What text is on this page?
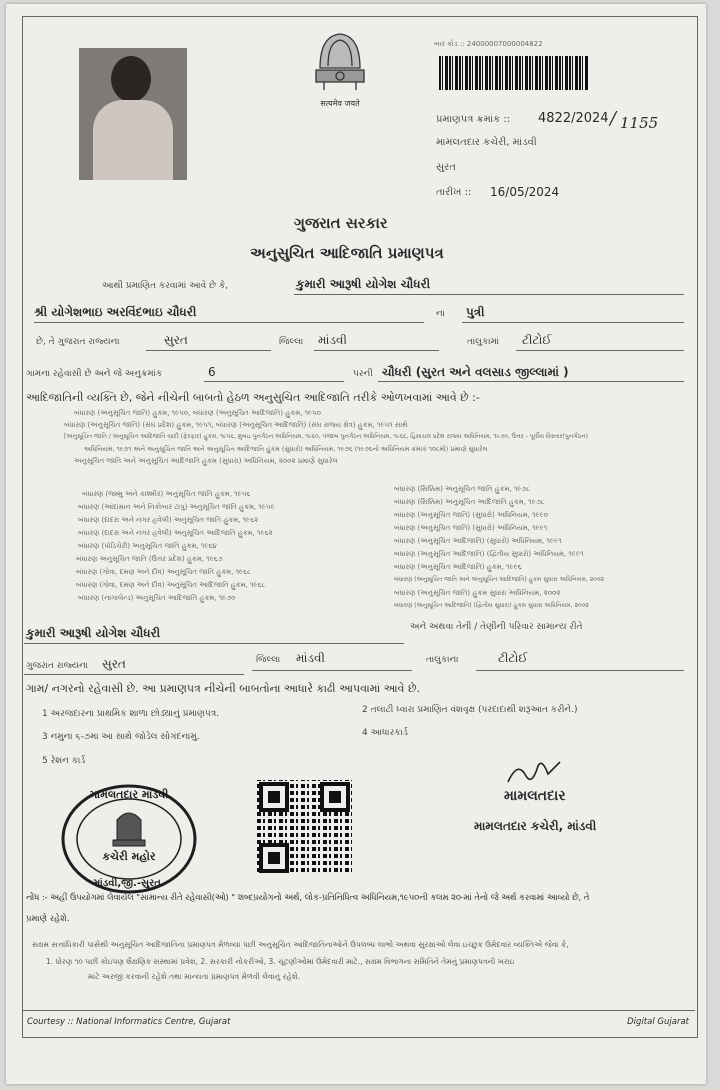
सत्यमेव जयते
બાર કોડ :: 24000007000004822
પ્રમાણપત્ર ક્રમાંક :: 4822/2024 / 1155
મામલતદાર કચેરી, માંડવી
સુરત
તારીખ :: 16/05/2024
ગુજરાત સરકાર
અનુસુચિત આદિજાતિ પ્રમાણપત્ર
આથી પ્રમાણિત કરવામાં આવે છે કે,	કુમારી આરૂષી યોગેશ ચૌધરી
શ્રી યોગેશભાઇ અરવિંદભાઇ ચૌધરી	ના પુત્રી
છે, તે ગુજરાત રાજ્યના	સુરત	જિલ્લા માંડવી	તાલુકામાં ટીટોઈ
ગામના રહેવાસી છે અને જે અનુક્રમાંક	6	પરની ચૌધરી (સુરત અને વલસાડ જીલ્લામાં )
આદિજાતિની વ્યક્તિ છે, જેને નીચેની બાબતો હેઠળ અનુસુચિત આદિજાતિ તરીકે ઓળખવામાં આવે છે :-
બંધારણ (અનુસૂચિત જાતિ) હુકમ, ૧૯૫૦, બંધારણ (અનુસૂચિત આદિજાતિ) હુકમ, ૧૯૫૦
બંધારણ (અનુસૂચિત જાતિ) (સંઘ પ્રદેશ) હુકમ, ૧૯૫૧, બંધારણ (અનુસૂચિત આદિજાતિ) (સંઘ રાજ્ય ક્ષેત્ર) હુકમ, ૧૯૫૧ સાથે
[અનુસૂચિત જાતિ / અનુસૂચિત આદિજાતિ યાદી (ફેરફાર) હુકમ, ૧૯૫૬, મુંબઇ પુનર્ગઠન અધિનિયમ, ૧૯૬૦, પંજાબ પુનર્ગઠન અધિનિયમ, ૧૯૬૬, હિમાચલ પ્રદેશ રાજ્ય અધિનિયમ, ૧૯૭૦, ઉત્તર - પૂર્વીય વિસ્તાર(પુનર્ગઠન)
અધિનિયમ, ૧૯૭૧ અને અનુસૂચિત જાતિ અને અનુસૂચિત આદિજાતિ હુકમ (સુધારો) અધિનિયમ, ૧૯૭૬ (૧૯૭૬નો અધિનિયમ ક્રમાંક ૧૦૮મો) પ્રમાણે સુધારેલ
અનુસૂચિત જાતિ અને અનુસૂચિત આદિજાતિ હુકમ (સુધારા) અધિનિયમ, ૨૦૦૨ પ્રમાણે સુધારેલ
બંધારણ (જમ્મુ અને કાશ્મીર) અનુસૂચિત જાતિ હુકમ, ૧૯૫૬
બંધારણ (આંદામાન અને નિકોબાર ટાપુ) અનુસૂચિત જાતિ હુકમ, ૧૯૫૯
બંધારણ (દાદરા અને નગર હવેલી) અનુસૂચિત જાતિ હુકમ, ૧૯૬૨
બંધારણ (દાદરા અને નગર હવેલી) અનુસૂચિત આદિજાતિ હુકમ, ૧૯૬૨
બંધારણ (પૉંડિચેરી) અનુસૂચિત જાતિ હુકમ, ૧૯૬૪
બંધારણ અનુસૂચિત જાતિ (ઉત્તર પ્રદેશ) હુકમ, ૧૯૬૭
બંધારણ (ગોવા, દમણ અને દીવ) અનુસૂચિત જાતિ હુકમ, ૧૯૬૮
બંધારણ (ગોવા, દમણ અને દીવ) અનુસૂચિત આદિજાતિ હુકમ, ૧૯૬૮
બંધારણ (નાગાલેન્ડ) અનુસૂચિત આદિજાતિ હુકમ, ૧૯૭૦
બંધારણ (સિક્કિમ) અનુસૂચિત જાતિ હુકમ, ૧૯૭૮
બંધારણ (સિક્કિમ) અનુસૂચિત આદિજાતિ હુકમ, ૧૯૭૮
બંધારણ (અનુસૂચિત જાતિ) (સુધારો) અધિનિયમ, ૧૯૯૦
બંધારણ (અનુસૂચિત જાતિ) (સુધારો) અધિનિયમ, ૧૯૯૧
બંધારણ (અનુસૂચિત આદિજાતિ) (સુધારો) અધિનિયમ, ૧૯૯૧
બંધારણ (અનુસૂચિત આદિજાતિ) (દ્વિતીય સુધારો) અધિનિયમ, ૧૯૯૧
બંધારણ (અનુસૂચિત આદિજાતિ) હુકમ, ૧૯૯૬
બંધારણ (અનુસૂચિત જાતિ અને અનુસૂચિત આદિજાતિ) હુકમ સુધારા અધિનિયમ, ૨૦૦૨
બંધારણ (અનુસૂચિત જાતિ) હુકમ સુધારા અધિનિયમ, ૨૦૦૨
બંધારણ (અનુસૂચિત આદિજાતિ) (દ્વિતીય સુધારા) હુકમ સુધારા અધિનિયમ, ૨૦૦૨
કુમારી આરૂષી યોગેશ ચૌધરી	અને અથવા તેની / તેણીની પરિવાર સામાન્ય રીતે
ગુજરાત રાજ્યના સુરત	જિલ્લા માંડવી	તાલુકાના	ટીટોઈ
ગામ/ નગરનો રહેવાસી છે. આ પ્રમાણપત્ર નીચેની બાબતોના આધારે કાઢી આપવામાં આવે છે.
1 અરજદારના પ્રાથમિક શાળા છોડ્યાનું પ્રમાણપત્ર.	2 તલાટી ધ્વારા પ્રમાણિત વંશવૃક્ષ (પરદાદાથી શરૂઆત કરીને.)
3 નમુના ૬-૭મા આ સાથે જોડેલ સોગંદનામુ.	4 આધારકાર્ડ
5 રેશન કાર્ડ
મામલતદાર માંડવી
કચેરી મહોર
માંડવી,જી.-સુરત.
મામલતદાર
મામલતદાર કચેરી, માંડવી
નોંધ :- અહીં ઉપયોગમાં લેવાયેલ "સામાન્ય રીતે રહેવાસી(ઓ) " શબ્દપ્રયોગનો અર્થ, લોક-પ્રતિનિધિત્વ અધિનિયમ,૧૯૫૦ની કલમ ૨૦-માં તેનો જે અર્થ કરવામાં આવ્યો છે, તે
પ્રમાણે રહેશે.
સક્ષમ સત્તાધિકારી પાસેથી અનુસૂચિત આદિજાતિના પ્રમાણપત્ર મેળવ્યા પછી અનુસૂચિત આદિજાતિનાઓને ઉપલબ્ધ લાભો અથવા સુરક્ષાઓ લેવા ઇચ્છુક ઉમેદવાર વ્યક્તિએ જેવા કે,
1. ધોરણ ૧૦ પછી કોઇપણ શૈક્ષણિક સંસ્થામાં પ્રવેશ, 2. સરકારી નોકરીઓ, 3. ચૂંટણીઓમાં ઉમેદવારી માટે., સક્ષમ વિભાગના સમિતિને તેમનું પ્રમાણપત્રની ખરાઇ
માટે અરજી કરવાની રહેશે તથા માન્યતા પ્રમાણપત્ર મેળવી લેવાનું રહેશે.
Courtesy :: National Informatics Centre, Gujarat	Digital Gujarat
